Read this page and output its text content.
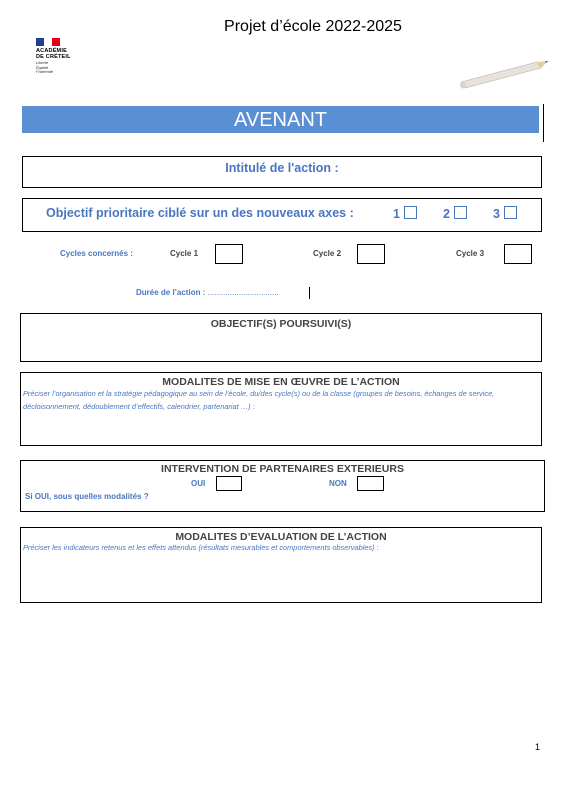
Projet d’école 2022-2025
ACADÉMIE
DE CRÉTEIL
Liberté
Égalité
Fraternité
AVENANT
Intitulé de l'action :
Objectif prioritaire ciblé sur un des nouveaux axes :	1	2	3
Cycles concernés :	Cycle 1	Cycle 2	Cycle 3
Durée de l’action : ................................
OBJECTIF(S) POURSUIVI(S)
MODALITES DE MISE EN ŒUVRE DE L’ACTION
Préciser l’organisation et la stratégie pédagogique au sein de l’école, du/des cycle(s) ou de la classe (groupes de besoins, échanges de service, décloisonnement, dédoublement d’effectifs, calendrier, partenariat …) :
INTERVENTION DE PARTENAIRES EXTERIEURS
OUI	NON
Si OUI, sous quelles modalités ?
MODALITES D’EVALUATION DE L’ACTION
Préciser les indicateurs retenus et les effets attendus (résultats mesurables et comportements observables) :
1
